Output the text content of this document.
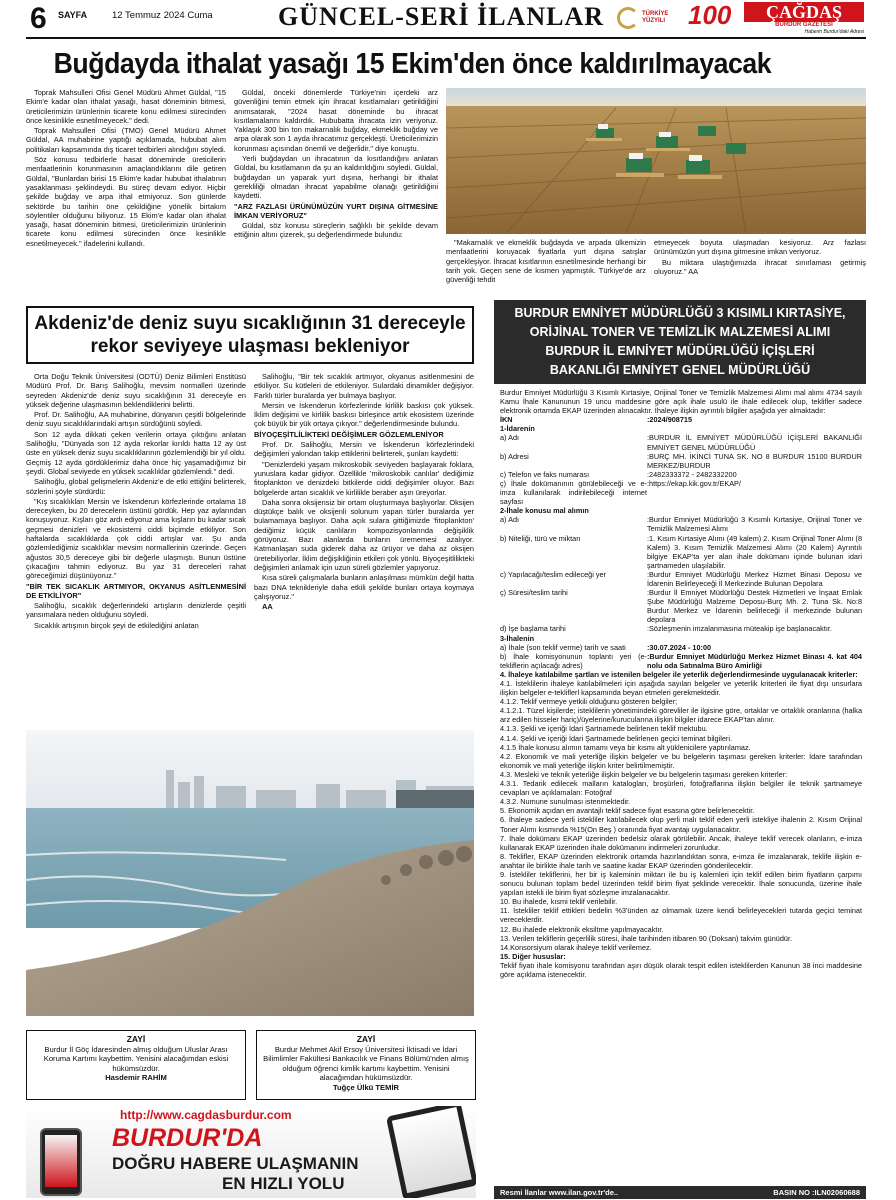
6 SAYFA	12 Temmuz 2024 Cuma	GÜNCEL-SERİ İLANLAR	TÜRKİYE YÜZYILI 100	ÇAĞDAŞ
BURDUR GAZETESİ
Haberin Burdur'daki Adresi
Buğdayda ithalat yasağı 15 Ekim'den önce kaldırılmayacak

Toprak Mahsulleri Ofisi Genel Müdürü Ahmet Güldal, "15 Ekim'e kadar olan ithalat yasağı, hasat döneminin bitmesi, üreticilerimizin ürünlerinin ticarete konu edilmesi sürecinden önce kesinlikle esnetilmeyecek." dedi.

Toprak Mahsulleri Ofisi (TMO) Genel Müdürü Ahmet Güldal, AA muhabirine yaptığı açıklamada, hububat alım politikaları kapsamında dış ticaret tedbirleri alındığını söyledi.

Söz konusu tedbirlerle hasat döneminde üreticilerin menfaatlerinin korunmasının amaçlandıklarını dile getiren Güldal, "Bunlardan birisi 15 Ekim'e kadar hububat ithalatının yasaklanması şeklindeydi. Bu süreç devam ediyor. Hiçbir şekilde buğday ve arpa ithal etmiyoruz. Son günlerde sektörde bu tarihin öne çekildiğine yönelik birtakım söylentiler olduğunu biliyoruz. 15 Ekim'e kadar olan ithalat yasağı, hasat döneminin bitmesi, üreticilerimizin ürünlerinin ticarete konu edilmesi sürecinden önce kesinlikle esnetilmeyecek." ifadelerini kullandı.

Güldal, önceki dönemlerde Türkiye'nin içerdeki arz güvenliğini temin etmek için ihracat kısıtlamaları getirildiğini anımsatarak, "2024 hasat döneminde bu ihracat kısıtlamalarını kaldırdık. Hububatta ihracata izin veriyoruz. Yaklaşık 300 bin ton makarnalık buğday, ekmeklik buğday ve arpa olarak son 1 ayda ihracatımız gerçekleşti. Üreticilerimizin korunması açısından önemli ve değerlidir." diye konuştu.

Yerli buğdaydan un ihracatının da kısıtlandığını anlatan Güldal, bu kısıtlamanın da şu an kaldırıldığını söyledi. Güldal, buğdaydan un yaparak yurt dışına, herhangi bir ithalat gerekliliği olmadan ihracat yapabilme olanağı getirildiğini kaydetti.

"ARZ FAZLASI ÜRÜNÜMÜZÜN YURT DIŞINA GİTMESİNE İMKAN VERİYORUZ"

Güldal, söz konusu süreçlerin sağlıklı bir şekilde devam ettiğinin altını çizerek, şu değerlendirmede bulundu:

"Makarnalık ve ekmeklik buğdayda ve arpada ülkemizin menfaatlerini koruyacak fiyatlarla yurt dışına satışlar gerçekleşiyor. İhracat kısıtlarının esnetilmesinde herhangi bir tarih yok. Geçen sene de kısmen yapmıştık. Türkiye'de arz güvenliği tehdit

etmeyecek boyuta ulaşmadan kesiyoruz. Arz fazlası ürünümüzün yurt dışına gitmesine imkan veriyoruz.

Bu miktara ulaştığımızda ihracat sınırlaması getirmiş oluyoruz." AA

Akdeniz'de deniz suyu sıcaklığının 31 dereceyle
rekor seviyeye ulaşması bekleniyor

Orta Doğu Teknik Üniversitesi (ODTÜ) Deniz Bilimleri Enstitüsü Müdürü Prof. Dr. Barış Salihoğlu, mevsim normalleri üzerinde seyreden Akdeniz'de deniz suyu sıcaklığının 31 dereceyle en yüksek değerine ulaşmasının beklendiklerini belirtti.

Prof. Dr. Salihoğlu, AA muhabirine, dünyanın çeşitli bölgelerinde deniz suyu sıcaklıklarındaki artışın sürdüğünü söyledi.

Son 12 ayda dikkati çeken verilerin ortaya çıktığını anlatan Salihoğlu, "Dünyada son 12 ayda rekorlar kırıldı hatta 12 ay üst üste en yüksek deniz suyu sıcaklıklarının gözlemlendiği bir yıl oldu. Geçmiş 12 ayda gördüklerimiz daha önce hiç yaşamadığımız bir şeydi. Global seviyede en yüksek sıcaklıklar gözlemlendi." dedi.

Salihoğlu, global gelişmelerin Akdeniz'e de etki ettiğini belirterek, sözlerini şöyle sürdürdü:

"Kış sıcaklıkları Mersin ve İskenderun körfezlerinde ortalama 18 dereceyken, bu 20 derecelerin üstünü gördük. Hep yaz aylarından konuşuyoruz. Kışları göz ardı ediyoruz ama kışların bu kadar sıcak geçmesi denizleri ve ekosistemi ciddi biçimde etkiliyor. Son haftalarda sıcaklıklarda çok ciddi artışlar var. Şu anda gözlemlediğimiz sıcaklıklar mevsim normallerinin üzerinde. Geçen ağustos 30,5 dereceye gibi bir değerle ulaşmıştı. Bunun üstüne çıkacağını tahmin ediyoruz. Bu yaz 31 dereceleri rahat göreceğimizi düşünüyoruz."

"BİR TEK SICAKLIK ARTMIYOR, OKYANUS ASİTLENMESİNİ DE ETKİLİYOR"

Salihoğlu, sıcaklık değerlerindeki artışların denizlerde çeşitli yansımalara neden olduğunu söyledi.

Sıcaklık artışının birçok şeyi de etkilediğini anlatan

Salihoğlu, "Bir tek sıcaklık artmıyor, okyanus asitlenmesini de etkiliyor. Su kütleleri de etkileniyor. Sulardaki dinamikler değişiyor. Farklı türler buralarda yer bulmaya başlıyor.

Mersin ve İskenderun körfezlerinde kirlilik baskısı çok yüksek. İklim değişimi ve kirlilik baskısı birleşince artık ekosistem üzerinde çok büyük bir yük ortaya çıkıyor." değerlendirmesinde bulundu.

BİYOÇEŞİTLİLİKTEKİ DEĞİŞİMLER GÖZLEMLENİYOR

Prof. Dr. Salihoğlu, Mersin ve İskenderun körfezlerindeki değişimleri yakından takip ettiklerini belirterek, şunları kaydetti:

"Denizlerdeki yaşam mikroskobik seviyeden başlayarak foklara, yunuslara kadar gidiyor. Özellikle 'mikroskobik canlılar' dediğimiz fitoplankton ve denizdeki bitkilerde ciddi değişimler oluyor. Bazı bölgelerde artan sıcaklık ve kirlilikle beraber aşırı üreyorlar.

Daha sonra oksijensiz bir ortam oluşturmaya başlıyorlar. Oksijen düştükçe balık ve oksijenli solunum yapan türler buralarda yer bulamamaya başlıyor. Daha açık sulara gittiğimizde 'fitoplankton' dediğimiz küçük canlıların kompozisyonlarında değişiklik görüyoruz. Bazı alanlarda bunların ürememesi azalıyor. Katmanlaşan suda giderek daha az ürüyor ve daha az oksijen üretebiliyorlar. İklim değişikliğinin etkileri çok yönlü. Biyoçeşitlilikteki değişimleri anlamak için uzun süreli gözlemler yapıyoruz.

Kısa süreli çalışmalarla bunların anlaşılması mümkün değil hatta bazı DNA teknikleriyle daha etkili şekilde bunları ortaya koymaya çalışıyoruz."

AA

BURDUR EMNİYET MÜDÜRLÜĞÜ 3 KISIMLI KIRTASİYE,
ORİJİNAL TONER VE TEMİZLİK MALZEMESİ ALIMI
BURDUR İL EMNİYET MÜDÜRLÜĞÜ İÇİŞLERİ
BAKANLIĞI EMNİYET GENEL MÜDÜRLÜĞÜ
Burdur Emniyet Müdürlüğü 3 Kısımlı Kırtasiye, Orijinal Toner ve Temizlik Malzemesi Alımı mal alımı 4734 sayılı Kamu İhale Kanununun 19 uncu maddesine göre açık ihale usulü ile ihale edilecek olup, teklifler sadece elektronik ortamda EKAP üzerinden alınacaktır. İhaleye ilişkin ayrıntılı bilgiler aşağıda yer almaktadır:
İKN	:2024/908715
1-İdarenin
a) Adı	:BURDUR İL EMNİYET MÜDÜRLÜĞÜ İÇİŞLERİ BAKANLIĞI EMNİYET GENEL MÜDÜRLÜĞÜ
b) Adresi	:BURÇ MH. İKİNCİ TUNA SK. NO 8 BURDUR 15100 BURDUR MERKEZ/BURDUR
c) Telefon ve faks numarası	:2482333372 - 2482332200
ç) İhale dokümanının görülebileceği ve e-imza kullanılarak indirilebileceği internet sayfası
:https://ekap.kik.gov.tr/EKAP/
2-İhale konusu mal alımın
a) Adı	:Burdur Emniyet Müdürlüğü 3 Kısımlı Kırtasiye, Orijinal Toner ve Temizlik Malzemesi Alımı
b) Niteliği, türü ve miktarı	:1. Kısım Kırtasiye Alımı (49 kalem) 2. Kısım Orijinal Toner Alımı (8 Kalem) 3. Kısım Temizlik Malzemesi Alımı (20 Kalem) Ayrıntılı bilgiye EKAP'ta yer alan ihale dokümanı içinde bulunan idari şartnameden ulaşılabilir.
c) Yapılacağı/teslim edileceği yer	:Burdur Emniyet Müdürlüğü Merkez Hizmet Binası Deposu ve İdarenin Belirleyeceği İl Merkezinde Bulunan Depolara
ç) Süresi/teslim tarihi	:Burdur İl Emniyet Müdürlüğü Destek Hizmetleri ve İnşaat Emlak Şube Müdürlüğü Malzeme Deposu-Burç Mh. 2. Tuna Sk. No:8 Burdur Merkez ve İdarenin belirleceği il merkezinde bulunan depolara
d) İşe başlama tarihi	:Sözleşmenin imzalanmasına müteakip işe başlanacaktır.
3-İhalenin
a) İhale (son teklif verme) tarih ve saati	:30.07.2024 - 10:00
b) İhale komisyonunun toplantı yeri (e-tekliflerin açılacağı adres)
:Burdur Emniyet Müdürlüğü Merkez Hizmet Binası 4. kat 404 nolu oda Satınalma Büro Amirliği
4. İhaleye katılabilme şartları ve istenilen belgeler ile yeterlik değerlendirmesinde uygulanacak kriterler:
4.1. İsteklilerin ihaleye katılabilmeleri için aşağıda sayılan belgeler ve yeterlik kriterleri ile fiyat dışı unsurlara ilişkin belgeler e-tekliflerl kapsamında beyan etmeleri gerekmektedir.
4.1.2. Teklif vermeye yetkili olduğunu gösteren belgiler;
4.1.2.1. Tüzel kişilerde; isteklilerin yönetimindeki görevliler ile ilgisine göre, ortaklar ve ortaklık oranlarına (halka arz edilen hisseler hariç)/üyelerine/kurucularına ilişkin bilgiler idarece EKAP'tan alınır.
4.1.3. Şekli ve içeriği İdari Şartnamede belirlenen teklif mektubu.
4.1.4. Şekli ve içeriği İdari Şartnamede belirlenen geçici teminat bilgileri.
4.1.5 İhale konusu alımın tamamı veya bir kısmı alt yüklenicilere yaptırılamaz.
4.2. Ekonomik ve mali yeterliğe ilişkin belgeler ve bu belgelerin taşıması gereken kriterler: İdare tarafından ekonomik ve mali yeterliğe ilişkin kriter belirtilmemiştir.
4.3. Mesleki ve teknik yeterliğe ilişkin belgeler ve bu belgelerin taşıması gereken kriterler:
4.3.1. Tedarik edilecek malların katalogları, broşürleri, fotoğraflarına ilişkin belgiler ile teknik şartnameye cevapları ve açıklamaları: Fotoğraf
4.3.2. Numune sunulması istenmektedir.
5. Ekonomik açıdan en avantajlı teklif sadece fiyat esasına göre belirlenecektir.
6. İhaleye sadece yerli istekliler katılabilecek olup yerli malı teklif eden yerli istekliye ihalenin 2. Kısım Orijinal Toner Alımı kısmında %15(On Beş ) oranında fiyat avantajı uygulanacaktır.
7. İhale dokümanı EKAP üzerinden bedelsiz olarak görülebilir. Ancak, ihaleye teklif verecek olanların, e-imza kullanarak EKAP üzerinden ihale dokümanını indirmeleri zorunludur.
8. Teklifler, EKAP üzerinden elektronik ortamda hazırlandıktan sonra, e-imza ile imzalanarak, teklife ilişkin e-anahtar ile birlikte ihale tarih ve saatine kadar EKAP üzerinden gönderilecektir.
9. İstekliler tekliflerini, her bir iş kaleminin miktarı ile bu iş kalemleri için teklif edilen birim fiyatların çarpımı sonucu bulunan toplam bedel üzerinden teklif birim fiyat şeklinde verecektir. İhale sonucunda, üzerine ihale yapılan istekli ile birim fiyat sözleşme imzalanacaktır.
10. Bu ihalede, kısmi teklif verilebilir.
11. İstekliler teklif ettikleri bedelin %3'ünden az olmamak üzere kendi belirleyecekleri tutarda geçici teminat vereceklerdir.
12. Bu ihalede elektronik eksiltme yapılmayacaktır.
13. Verilen tekliflerin geçerlilik süresi, ihale tarihinden itibaren 90 (Doksan) takvim günüdür.
14.Konsorsiyum olarak ihaleye teklif verilemez.
15. Diğer hususlar:
Teklif fiyatı ihale komisyonu tarafından aşırı düşük olarak tespit edilen isteklilerden Kanunun 38 inci maddesine göre açıklama istenecektir.
Resmi İlanlar www.ilan.gov.tr'de..	BASIN NO :ILN02060688
ZAYİ
Burdur İl Göç İdaresinden almış olduğum Uluslar Arası Koruma Kartımı kaybettim. Yenisini alacağımdan eskisi hükümsüzdür.
Hasdemir RAHİM
ZAYİ
Burdur Mehmet Akif Ersoy Üniversitesi İktisadi ve İdari Bilimlimler Fakültesi Bankacılık ve Finans Bölümü'nden almış olduğum öğrenci kimlik kartımı kaybettim. Yenisini alacağımdan hükümsüzdür.
Tuğçe Ülkü TEMİR
http://www.cagdasburdur.com
BURDUR'DA
DOĞRU HABERE ULAŞMANIN
EN HIZLI YOLU
